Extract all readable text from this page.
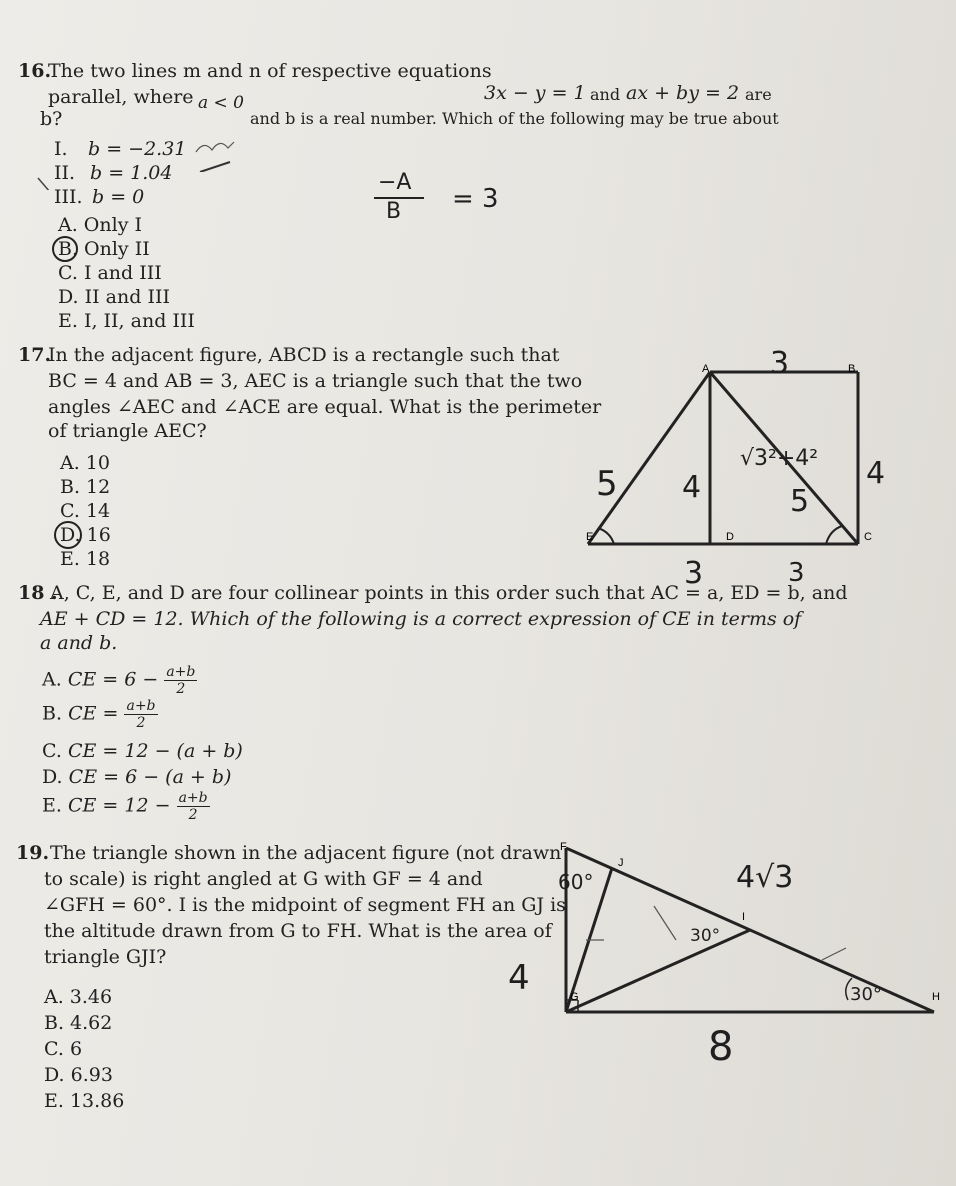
16.
The two lines m and n of respective equations
3x − y = 1 and ax + by = 2 are
parallel, where a < 0
and b is a real number. Which of the following may be true about
b?
I. b = −2.31
II. b = 1.04
III. b = 0
−A
B = 3
A. Only I
B. Only II
C. I and III
D. II and III
E. I, II, and III
17.
In the adjacent figure, ABCD is a rectangle such that
BC = 4 and AB = 3, AEC is a triangle such that the two
angles ∠AEC and ∠ACE are equal. What is the perimeter
of triangle AEC?
A. 10
B. 12
C. 14
D. 16
E. 18
A	B
C
D
E
3
5 4	4
√3²+4²
5
3	3
18 .
A, C, E, and D are four collinear points in this order such that AC = a, ED = b, and
AE + CD = 12. Which of the following is a correct expression of CE in terms of
a and b.
A. CE = $6 - \frac{a+b}{2}$
B. CE = $\frac{a+b}{2}$
C. CE = 12 − (a + b)
D. CE = 6 − (a + b)
E. CE = $12 - \frac{a+b}{2}$
19. The triangle shown in the adjacent figure (not drawn
to scale) is right angled at G with GF = 4 and
∠GFH = 60°. I is the midpoint of segment FH an GJ is
the altitude drawn from G to FH. What is the area of
triangle GJI?
A. 3.46
B. 4.62
C. 6
D. 6.93
E. 13.86
F
J
I
G	H
60°
30°
30°
4√3
4
8
